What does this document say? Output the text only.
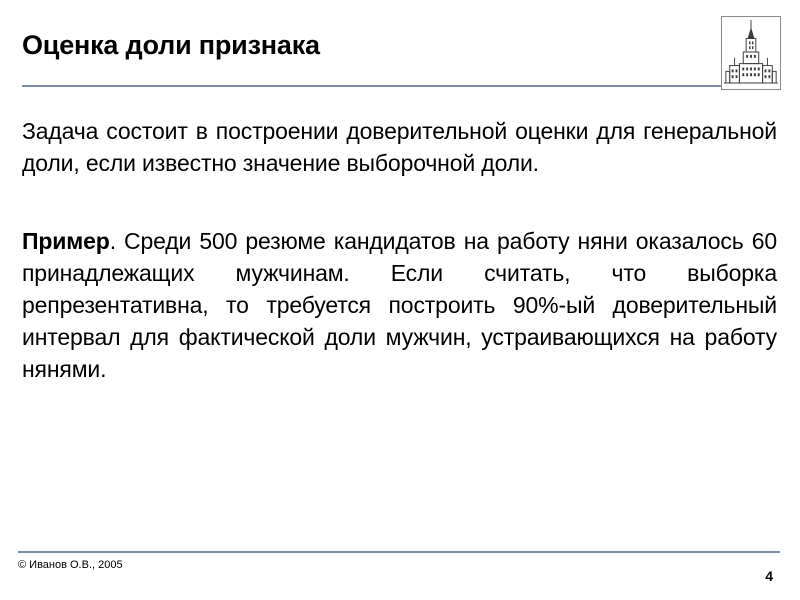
Оценка доли признака

Задача состоит в построении доверительной оценки для генеральной доли, если известно значение выборочной доли.

Пример. Среди 500 резюме кандидатов на работу няни оказалось 60 принадлежащих мужчинам. Если считать, что выборка репрезентативна, то требуется построить 90%-ый доверительный интервал для фактической доли мужчин, устраивающихся на работу нянями.

© Иванов О.В., 2005
4
